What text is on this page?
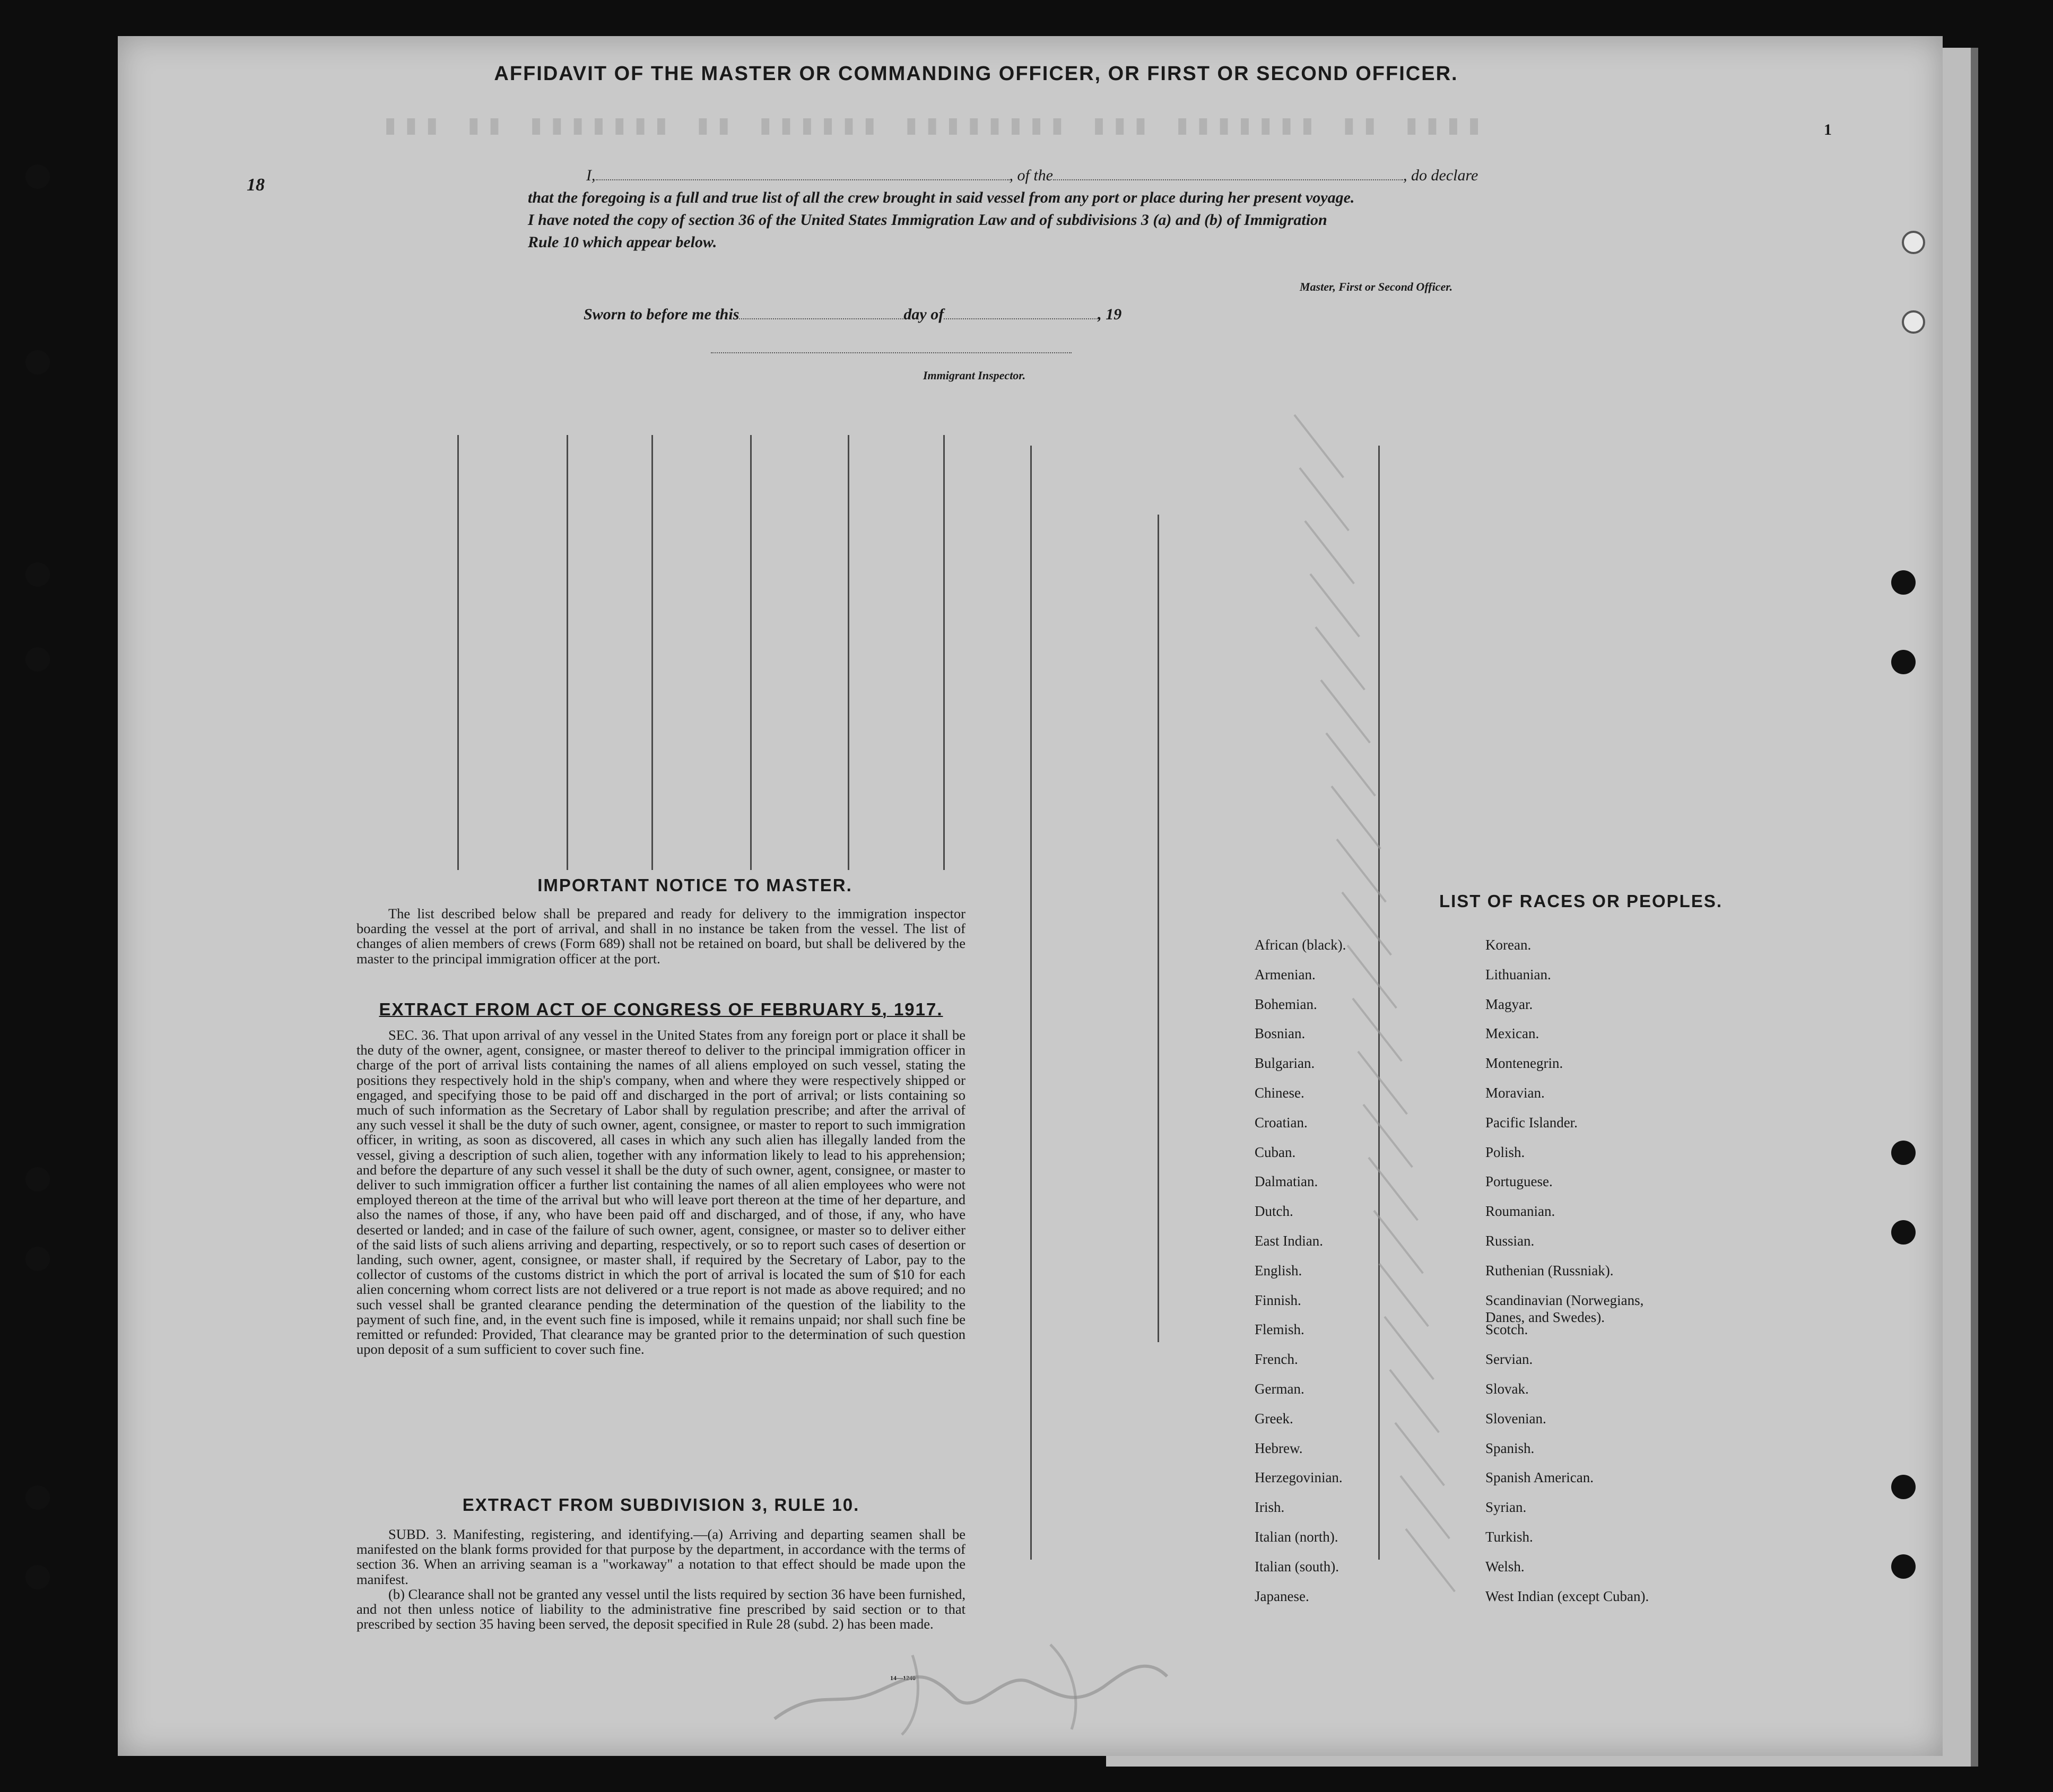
▮▮▮ ▮▮ ▮▮▮▮▮▮▮ ▮▮ ▮▮▮▮▮▮ ▮▮▮▮▮▮▮▮ ▮▮▮ ▮▮▮▮▮▮▮ ▮▮ ▮▮▮▮
18
1
AFFIDAVIT OF THE MASTER OR COMMANDING OFFICER, OR FIRST OR SECOND OFFICER.
I,	, of the	, do declare
that the foregoing is a full and true list of all the crew brought in said vessel from any port or place during her present voyage.
I have noted the copy of section 36 of the United States Immigration Law and of subdivisions 3 (a) and (b) of Immigration
Rule 10 which appear below.
Master, First or Second Officer.
Sworn to before me this	day of	, 19
Immigrant Inspector.
IMPORTANT NOTICE TO MASTER.

The list described below shall be prepared and ready for delivery to the immigration inspector boarding the vessel at the port of arrival, and shall in no instance be taken from the vessel. The list of changes of alien members of crews (Form 689) shall not be retained on board, but shall be delivered by the master to the principal immigration officer at the port.

EXTRACT FROM ACT OF CONGRESS OF FEBRUARY 5, 1917.

SEC. 36. That upon arrival of any vessel in the United States from any foreign port or place it shall be the duty of the owner, agent, consignee, or master thereof to deliver to the principal immigration officer in charge of the port of arrival lists containing the names of all aliens employed on such vessel, stating the positions they respectively hold in the ship's company, when and where they were respectively shipped or engaged, and specifying those to be paid off and discharged in the port of arrival; or lists containing so much of such information as the Secretary of Labor shall by regulation prescribe; and after the arrival of any such vessel it shall be the duty of such owner, agent, consignee, or master to report to such immigration officer, in writing, as soon as discovered, all cases in which any such alien has illegally landed from the vessel, giving a description of such alien, together with any information likely to lead to his apprehension; and before the departure of any such vessel it shall be the duty of such owner, agent, consignee, or master to deliver to such immigration officer a further list containing the names of all alien employees who were not employed thereon at the time of the arrival but who will leave port thereon at the time of her departure, and also the names of those, if any, who have been paid off and discharged, and of those, if any, who have deserted or landed; and in case of the failure of such owner, agent, consignee, or master so to deliver either of the said lists of such aliens arriving and departing, respectively, or so to report such cases of desertion or landing, such owner, agent, consignee, or master shall, if required by the Secretary of Labor, pay to the collector of customs of the customs district in which the port of arrival is located the sum of $10 for each alien concerning whom correct lists are not delivered or a true report is not made as above required; and no such vessel shall be granted clearance pending the determination of the question of the liability to the payment of such fine, and, in the event such fine is imposed, while it remains unpaid; nor shall such fine be remitted or refunded: Provided, That clearance may be granted prior to the determination of such question upon deposit of a sum sufficient to cover such fine.

EXTRACT FROM SUBDIVISION 3, RULE 10.

SUBD. 3. Manifesting, registering, and identifying.—(a) Arriving and departing seamen shall be manifested on the blank forms provided for that purpose by the department, in accordance with the terms of section 36. When an arriving seaman is a "workaway" a notation to that effect should be made upon the manifest.

(b) Clearance shall not be granted any vessel until the lists required by section 36 have been furnished, and not then unless notice of liability to the administrative fine prescribed by said section or to that prescribed by section 35 having been served, the deposit specified in Rule 28 (subd. 2) has been made.

14—1240
LIST OF RACES OR PEOPLES.
African (black).
Armenian.
Bohemian.
Bosnian.
Bulgarian.
Chinese.
Croatian.
Cuban.
Dalmatian.
Dutch.
East Indian.
English.
Finnish.
Flemish.
French.
German.
Greek.
Hebrew.
Herzegovinian.
Irish.
Italian (north).
Italian (south).
Japanese.
Korean.
Lithuanian.
Magyar.
Mexican.
Montenegrin.
Moravian.
Pacific Islander.
Polish.
Portuguese.
Roumanian.
Russian.
Ruthenian (Russniak).
Scandinavian (Norwegians,
Danes, and Swedes).
Scotch.
Servian.
Slovak.
Slovenian.
Spanish.
Spanish American.
Syrian.
Turkish.
Welsh.
West Indian (except Cuban).
